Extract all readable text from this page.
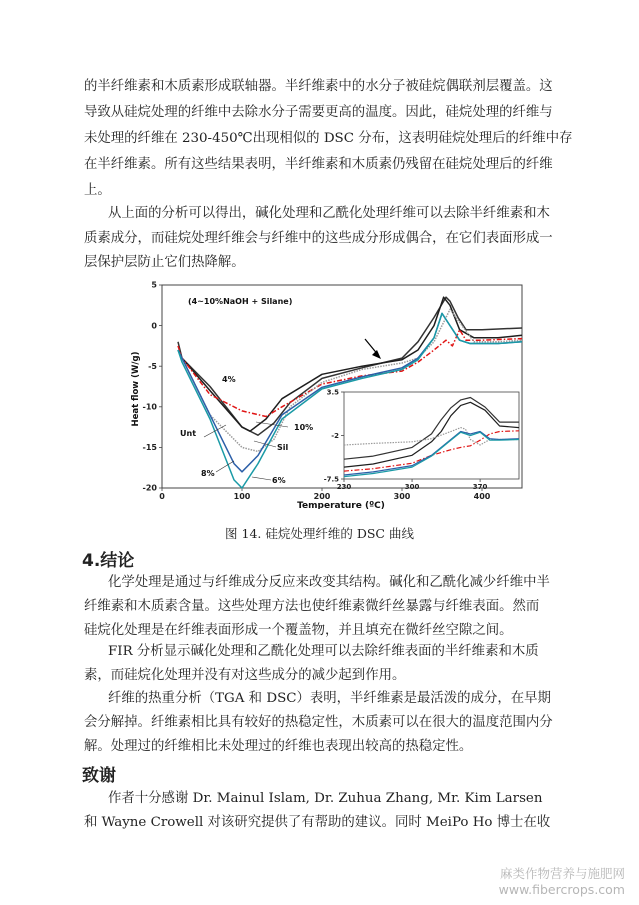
的半纤维素和木质素形成联轴器。半纤维素中的水分子被硅烷偶联剂层覆盖。这
导致从硅烷处理的纤维中去除水分子需要更高的温度。因此，硅烷处理的纤维与
未处理的纤维在 230-450℃出现相似的 DSC 分布，这表明硅烷处理后的纤维中存
在半纤维素。所有这些结果表明，半纤维素和木质素仍残留在硅烷处理后的纤维
上。
从上面的分析可以得出，碱化处理和乙酰化处理纤维可以去除半纤维素和木
质素成分，而硅烷处理纤维会与纤维中的这些成分形成偶合，在它们表面形成一
层保护层防止它们热降解。
0	100	200	300	400
5
0
-5
-10
-15
-20
(4~10%NaOH + Silane)
230	300	370
3.5
-2
-7.5
4%
10%
Unt
Sil
8%
6%
Heat flow (W/g)
Temperature (ºC)
图 14. 硅烷处理纤维的 DSC 曲线
4.结论
化学处理是通过与纤维成分反应来改变其结构。碱化和乙酰化减少纤维中半
纤维素和木质素含量。这些处理方法也使纤维素微纤丝暴露与纤维表面。然而
硅烷化处理是在纤维表面形成一个覆盖物，并且填充在微纤丝空隙之间。
FIR 分析显示碱化处理和乙酰化处理可以去除纤维表面的半纤维素和木质
素，而硅烷化处理并没有对这些成分的减少起到作用。
纤维的热重分析（TGA 和 DSC）表明，半纤维素是最活泼的成分，在早期
会分解掉。纤维素相比具有较好的热稳定性，木质素可以在很大的温度范围内分
解。处理过的纤维相比未处理过的纤维也表现出较高的热稳定性。
致谢
作者十分感谢 Dr. Mainul Islam, Dr. Zuhua Zhang, Mr. Kim Larsen
和 Wayne Crowell 对该研究提供了有帮助的建议。同时 MeiPo Ho 博士在收
麻类作物营养与施肥网
www.fibercrops.com
